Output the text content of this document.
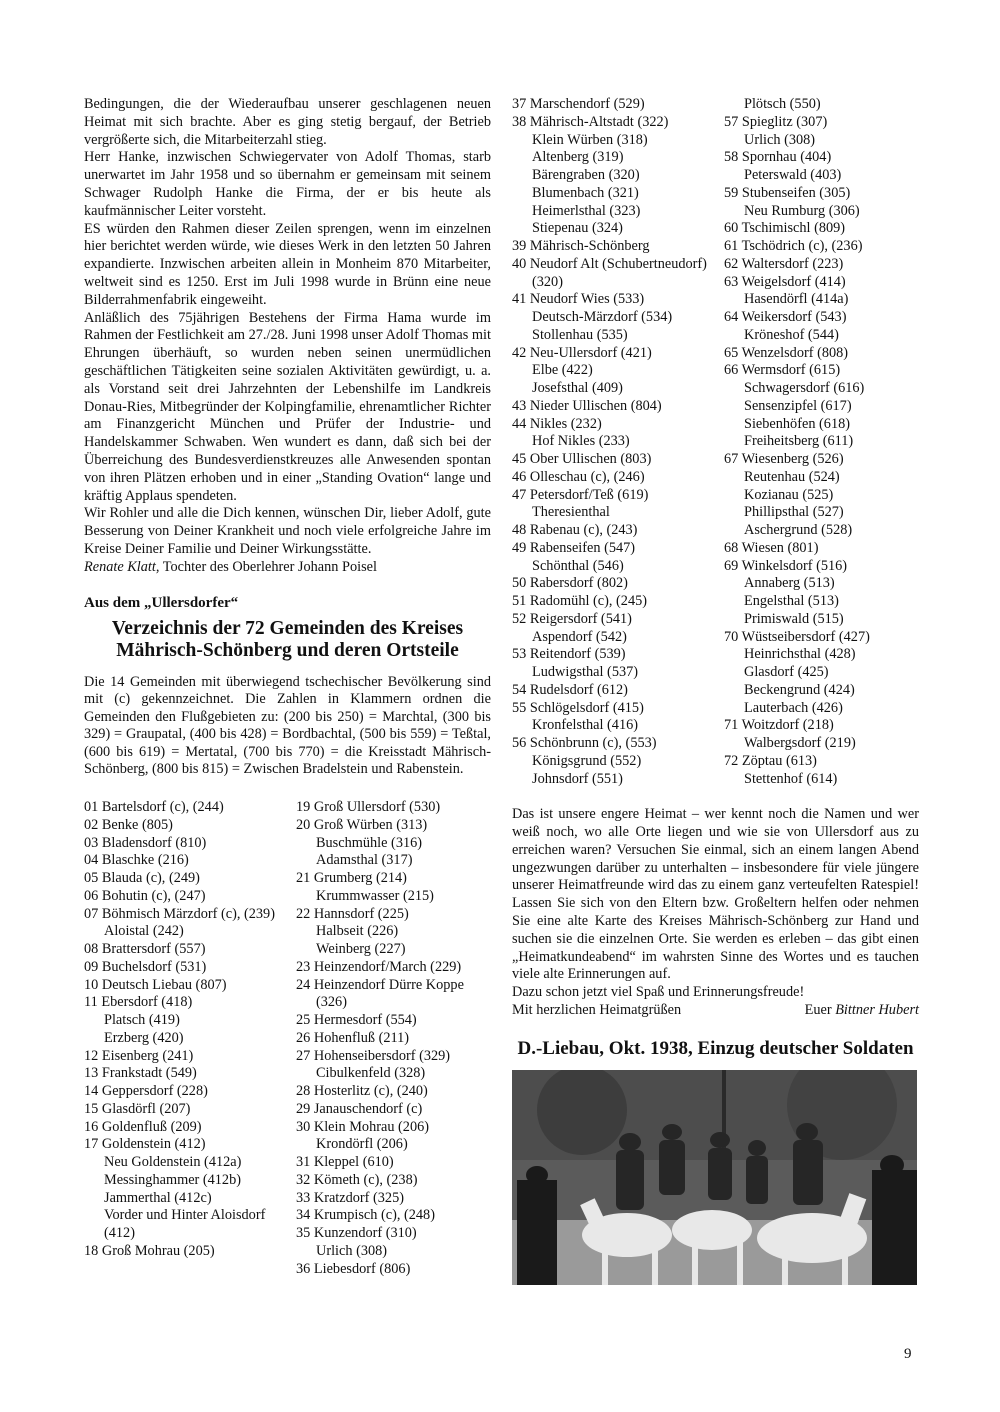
Bedingungen, die der Wiederaufbau unserer geschlagenen neuen Heimat mit sich brachte. Aber es ging stetig bergauf, der Betrieb vergrößerte sich, die Mitarbeiterzahl stieg.

Herr Hanke, inzwischen Schwiegervater von Adolf Thomas, starb unerwartet im Jahr 1958 und so übernahm er gemeinsam mit seinem Schwager Rudolph Hanke die Firma, der er bis heute als kaufmännischer Leiter vorsteht.

ES würden den Rahmen dieser Zeilen sprengen, wenn im einzelnen hier berichtet werden würde, wie dieses Werk in den letzten 50 Jahren expandierte. Inzwischen arbeiten allein in Monheim 870 Mitarbeiter, weltweit sind es 1250. Erst im Juli 1998 wurde in Brünn eine neue Bilderrahmenfabrik eingeweiht.

Anläßlich des 75jährigen Bestehens der Firma Hama wurde im Rahmen der Festlichkeit am 27./28. Juni 1998 unser Adolf Thomas mit Ehrungen überhäuft, so wurden neben seinen unermüdlichen geschäftlichen Tätigkeiten seine sozialen Aktivitäten gewürdigt, u. a. als Vorstand seit drei Jahrzehnten der Lebenshilfe im Landkreis Donau-Ries, Mitbegründer der Kolpingfamilie, ehrenamtlicher Richter am Finanzgericht München und Prüfer der Industrie- und Handelskammer Schwaben. Wen wundert es dann, daß sich bei der Überreichung des Bundesverdienstkreuzes alle Anwesenden spontan von ihren Plätzen erhoben und in einer „Standing Ovation“ lange und kräftig Applaus spendeten.

Wir Rohler und alle die Dich kennen, wünschen Dir, lieber Adolf, gute Besserung von Deiner Krankheit und noch viele erfolgreiche Jahre im Kreise Deiner Familie und Deiner Wirkungsstätte.

Renate Klatt, Tochter des Oberlehrer Johann Poisel

Aus dem „Ullersdorfer“
Verzeichnis der 72 Gemeinden des Kreises
Mährisch-Schönberg und deren Ortsteile

Die 14 Gemeinden mit überwiegend tschechischer Bevölkerung sind mit (c) gekennzeichnet. Die Zahlen in Klammern ordnen die Gemeinden den Flußgebieten zu: (200 bis 250) = Marchtal, (300 bis 329) = Graupatal, (400 bis 428) = Bordbachtal, (500 bis 559) = Teßtal, (600 bis 619) = Mertatal, (700 bis 770) = die Kreisstadt Mährisch-Schönberg, (800 bis 815) = Zwischen Bradelstein und Rabenstein.

01 Bartelsdorf (c), (244)
02 Benke (805)
03 Bladensdorf (810)
04 Blaschke (216)
05 Blauda (c), (249)
06 Bohutin (c), (247)
07 Böhmisch Märzdorf (c), (239)
Aloistal (242)
08 Brattersdorf (557)
09 Buchelsdorf (531)
10 Deutsch Liebau (807)
11 Ebersdorf (418)
Platsch (419)
Erzberg (420)
12 Eisenberg (241)
13 Frankstadt (549)
14 Geppersdorf (228)
15 Glasdörfl (207)
16 Goldenfluß (209)
17 Goldenstein (412)
Neu Goldenstein (412a)
Messinghammer (412b)
Jammerthal (412c)
Vorder und Hinter Aloisdorf (412)
18 Groß Mohrau (205)
19 Groß Ullersdorf (530)
20 Groß Würben (313)
Buschmühle (316)
Adamsthal (317)
21 Grumberg (214)
Krummwasser (215)
22 Hannsdorf (225)
Halbseit (226)
Weinberg (227)
23 Heinzendorf/March (229)
24 Heinzendorf Dürre Koppe (326)
25 Hermesdorf (554)
26 Hohenfluß (211)
27 Hohenseibersdorf (329)
Cibulkenfeld (328)
28 Hosterlitz (c), (240)
29 Janauschendorf (c)
30 Klein Mohrau (206)
Krondörfl (206)
31 Kleppel (610)
32 Kömeth (c), (238)
33 Kratzdorf (325)
34 Krumpisch (c), (248)
35 Kunzendorf (310)
Urlich (308)
36 Liebesdorf (806)
37 Marschendorf (529)
38 Mährisch-Altstadt (322)
Klein Würben (318)
Altenberg (319)
Bärengraben (320)
Blumenbach (321)
Heimerlsthal (323)
Stiepenau (324)
39 Mährisch-Schönberg
40 Neudorf Alt (Schubertneudorf) (320)
41 Neudorf Wies (533)
Deutsch-Märzdorf (534)
Stollenhau (535)
42 Neu-Ullersdorf (421)
Elbe (422)
Josefsthal (409)
43 Nieder Ullischen (804)
44 Nikles (232)
Hof Nikles (233)
45 Ober Ullischen (803)
46 Olleschau (c), (246)
47 Petersdorf/Teß (619)
Theresienthal
48 Rabenau (c), (243)
49 Rabenseifen (547)
Schönthal (546)
50 Rabersdorf (802)
51 Radomühl (c), (245)
52 Reigersdorf (541)
Aspendorf (542)
53 Reitendorf (539)
Ludwigsthal (537)
54 Rudelsdorf (612)
55 Schlögelsdorf (415)
Kronfelsthal (416)
56 Schönbrunn (c), (553)
Königsgrund (552)
Johnsdorf (551)
Plötsch (550)
57 Spieglitz (307)
Urlich (308)
58 Spornhau (404)
Peterswald (403)
59 Stubenseifen (305)
Neu Rumburg (306)
60 Tschimischl (809)
61 Tschödrich (c), (236)
62 Waltersdorf (223)
63 Weigelsdorf (414)
Hasendörfl (414a)
64 Weikersdorf (543)
Kröneshof (544)
65 Wenzelsdorf (808)
66 Wermsdorf (615)
Schwagersdorf (616)
Sensenzipfel (617)
Siebenhöfen (618)
Freiheitsberg (611)
67 Wiesenberg (526)
Reutenhau (524)
Kozianau (525)
Phillipsthal (527)
Aschergrund (528)
68 Wiesen (801)
69 Winkelsdorf (516)
Annaberg (513)
Engelsthal (513)
Primiswald (515)
70 Wüstseibersdorf (427)
Heinrichsthal (428)
Glasdorf (425)
Beckengrund (424)
Lauterbach (426)
71 Woitzdorf (218)
Walbergsdorf (219)
72 Zöptau (613)
Stettenhof (614)

Das ist unsere engere Heimat – wer kennt noch die Namen und wer weiß noch, wo alle Orte liegen und wie sie von Ullersdorf aus zu erreichen waren? Versuchen Sie einmal, sich an einem langen Abend ungezwungen darüber zu unterhalten – insbesondere für viele jüngere unserer Heimatfreunde wird das zu einem ganz verteufelten Ratespiel! Lassen Sie sich von den Eltern bzw. Großeltern helfen oder nehmen Sie eine alte Karte des Kreises Mährisch-Schönberg zur Hand und suchen sie die einzelnen Orte. Sie werden es erleben – das gibt einen „Heimatkundeabend“ im wahrsten Sinne des Wortes und es tauchen viele alte Erinnerungen auf.

Dazu schon jetzt viel Spaß und Erinnerungsfreude!

Mit herzlichen Heimatgrüßen	Euer Bittner Hubert
D.-Liebau, Okt. 1938, Einzug deutscher Soldaten
9
